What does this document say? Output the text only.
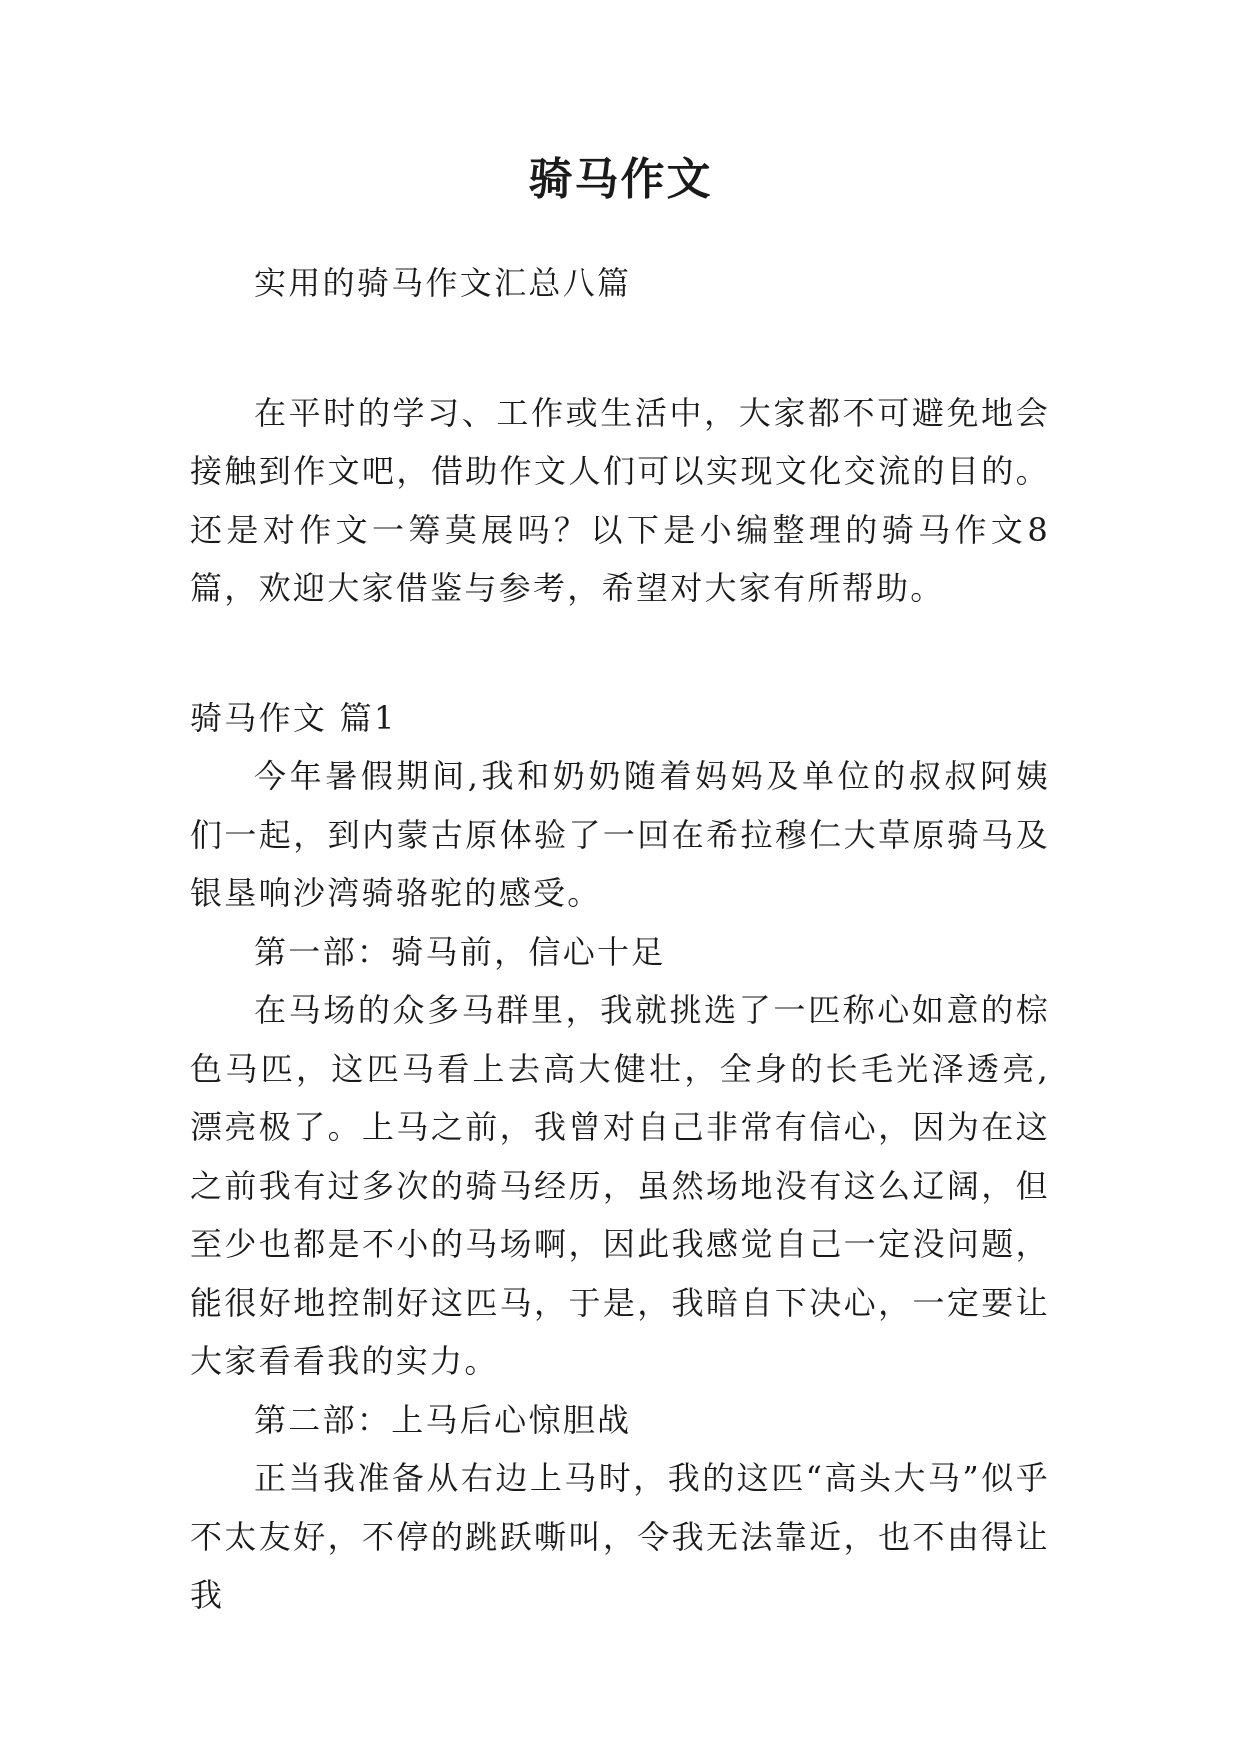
骑马作文

实用的骑马作文汇总八篇

在平时的学习、工作或生活中，大家都不可避免地会接触到作文吧，借助作文人们可以实现文化交流的目的。还是对作文一筹莫展吗？以下是小编整理的骑马作文8篇，欢迎大家借鉴与参考，希望对大家有所帮助。

骑马作文 篇1

今年暑假期间,我和奶奶随着妈妈及单位的叔叔阿姨们一起，到内蒙古原体验了一回在希拉穆仁大草原骑马及银垦响沙湾骑骆驼的感受。

第一部：骑马前，信心十足

在马场的众多马群里，我就挑选了一匹称心如意的棕色马匹，这匹马看上去高大健壮，全身的长毛光泽透亮,漂亮极了。上马之前，我曾对自己非常有信心，因为在这之前我有过多次的骑马经历，虽然场地没有这么辽阔，但至少也都是不小的马场啊，因此我感觉自己一定没问题，能很好地控制好这匹马，于是，我暗自下决心，一定要让大家看看我的实力。

第二部：上马后心惊胆战

正当我准备从右边上马时，我的这匹“高头大马”似乎不太友好，不停的跳跃嘶叫，令我无法靠近，也不由得让我
